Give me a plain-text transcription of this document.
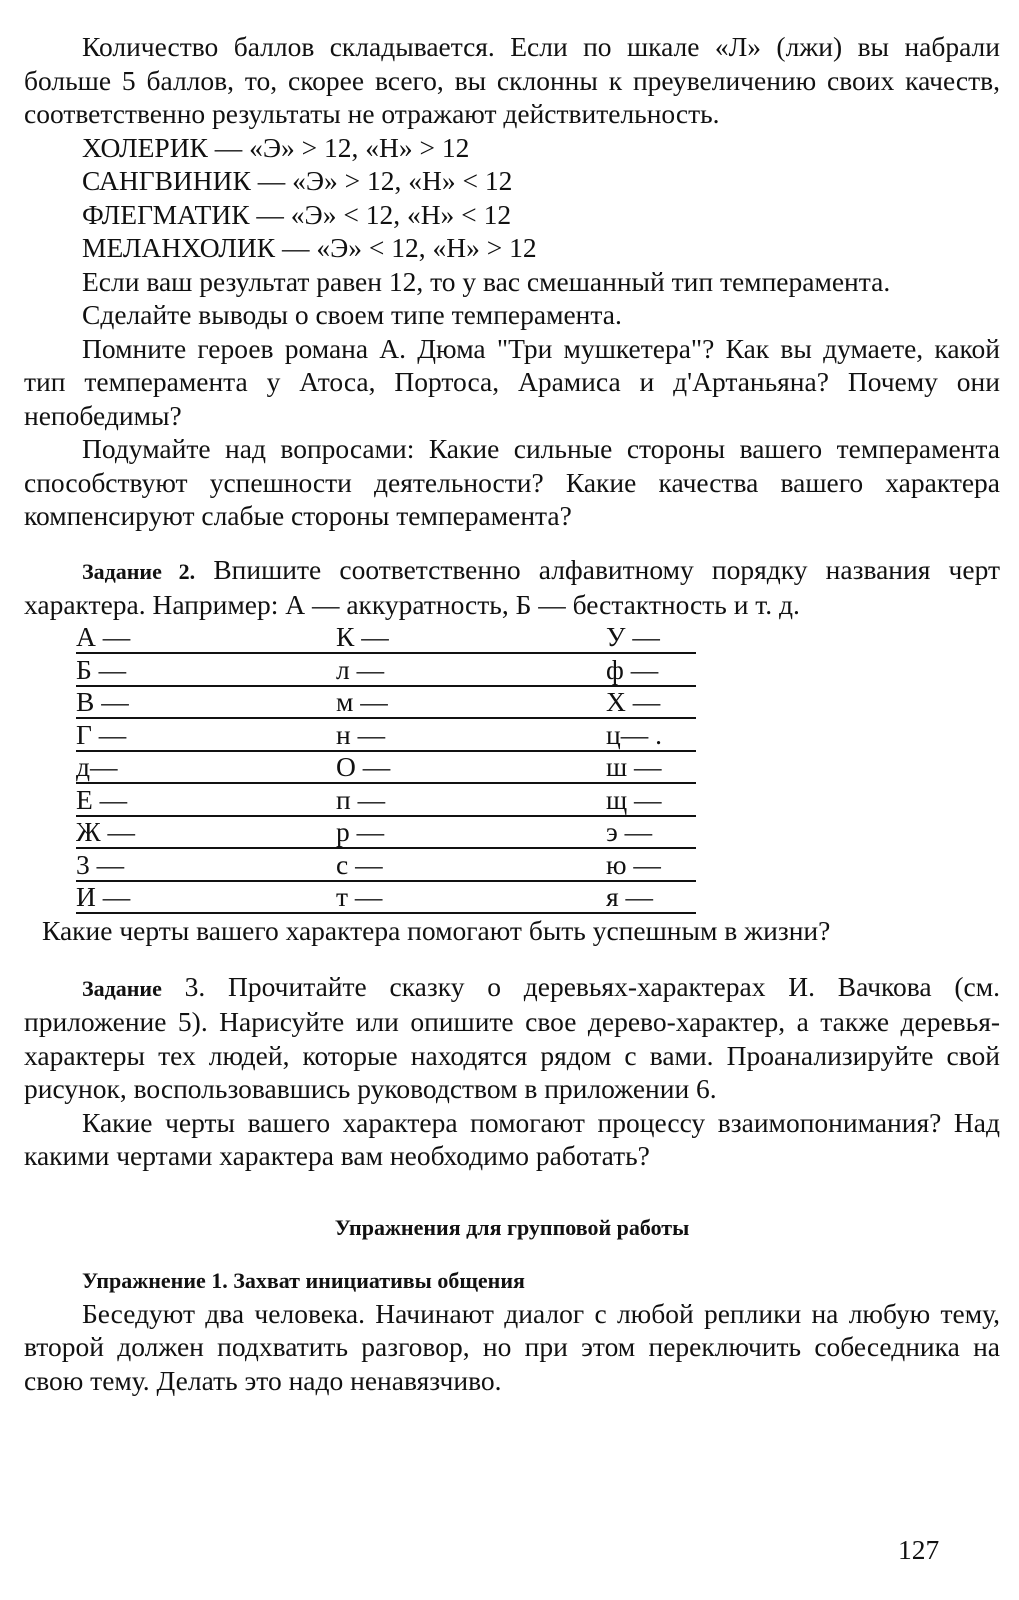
Количество баллов складывается. Если по шкале «Л» (лжи) вы набрали больше 5 баллов, то, скорее всего, вы склонны к преувеличению своих качеств, соответственно результаты не отражают действительность.

ХОЛЕРИК — «Э» > 12, «Н» > 12
САНГВИНИК — «Э» > 12, «Н» < 12
ФЛЕГМАТИК — «Э» < 12, «Н» < 12
МЕЛАНХОЛИК — «Э» < 12, «Н» > 12
Если ваш результат равен 12, то у вас смешанный тип темперамента.
Сделайте выводы о своем типе темперамента.

Помните героев романа А. Дюма "Три мушкетера"? Как вы думаете, какой тип темперамента у Атоса, Портоса, Арамиса и д'Артаньяна? Почему они непобедимы?

Подумайте над вопросами: Какие сильные стороны вашего темперамента способствуют успешности деятельности? Какие качества вашего характера компенсируют слабые стороны темперамента?

Задание 2. Впишите соответственно алфавитному порядку названия черт характера. Например: А — аккуратность, Б — бестактность и т. д.

А —	К —	У —
Б —	л —	ф —
В —	м —	Х —
Г —	н —	ц— .
д—	О —	ш —
Е —	п —	щ —
Ж —	р —	э —
3 —	с —	ю —
И —	т —	я —
Какие черты вашего характера помогают быть успешным в жизни?

Задание 3. Прочитайте сказку о деревьях-характерах И. Вачкова (см. приложение 5). Нарисуйте или опишите свое дерево-характер, а также деревья-характеры тех людей, которые находятся рядом с вами. Проанализируйте свой рисунок, воспользовавшись руководством в приложении 6.

Какие черты вашего характера помогают процессу взаимопонимания? Над какими чертами характера вам необходимо работать?

Упражнения для групповой работы
Упражнение 1. Захват инициативы общения

Беседуют два человека. Начинают диалог с любой реплики на любую тему, второй должен подхватить разговор, но при этом переключить собеседника на свою тему. Делать это надо ненавязчиво.

127
